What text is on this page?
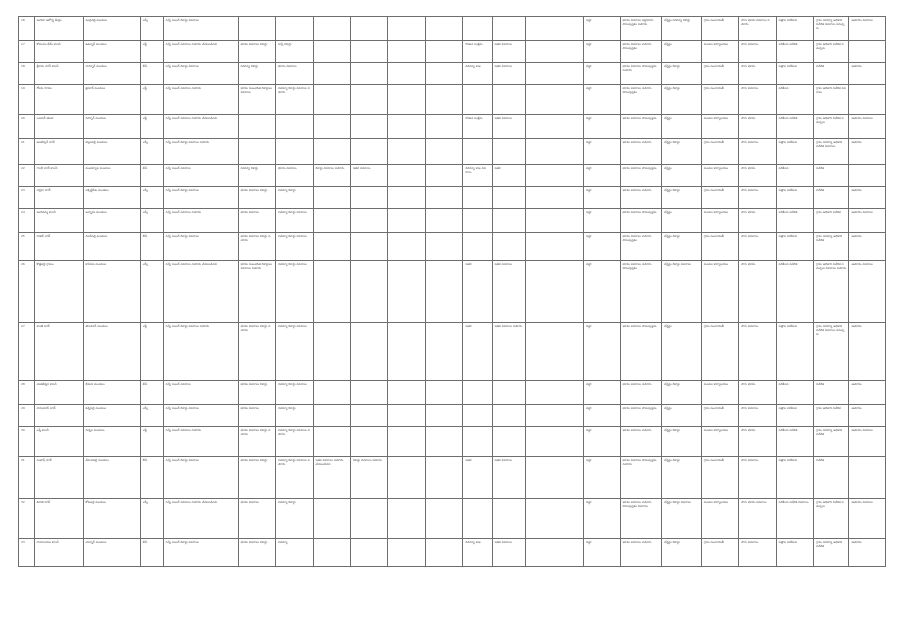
16	ఇందిరా ఆరోగ్య కేంద్రం	ఇంద్రవెల్లి మండలం	ఎస్సీ	సర్వే నంబర్ రికార్డు వివరాలు										పట్టా	భూమి వివరాలు పట్టాదారు పాసుపుస్తకం నమోదు	విస్తీర్ణం రెవెన్యూ రికార్డు	గ్రామ పంచాయతీ	సాగు భూమి వివరాలు నమోదు	పత్రాల పరిశీలన	గ్రామ రెవెన్యూ అధికారి నివేదిక వివరాలు సమర్పణ	ఆమోదం వివరాలు

17	కొమురం భీమ్ కాలనీ	ఉట్నూర్ మండలం	ఎస్టీ	సర్వే నంబర్ వివరాలు నమోదు చేయబడినవి	భూమి వివరాలు రికార్డు	సర్వే రికార్డు					గిరిజన సంక్షేమ	ఇతర వివరాలు		పట్టా	భూమి వివరాలు నమోదు పాసుపుస్తకం	విస్తీర్ణం	మండల కార్యాలయం	సాగు వివరాలు	పరిశీలన నివేదిక	గ్రామ అధికారి నివేదిక సమర్పణ	

18	శ్రీరామ నగర్ కాలనీ	నార్నూర్ మండలం	బీసీ	సర్వే నంబర్ రికార్డు వివరాలు	రెవెన్యూ రికార్డు	భూమి వివరాలు					రెవెన్యూ శాఖ	ఇతర వివరాలు		పట్టా	భూమి వివరాలు పాసుపుస్తకం నమోదు	విస్తీర్ణం రికార్డు	గ్రామ పంచాయతీ	సాగు భూమి	పత్రాల పరిశీలన	నివేదిక	ఆమోదం

19	గోండు గూడెం	జైనూర్ మండలం	ఎస్టీ	సర్వే నంబర్ వివరాలు నమోదు	భూమి సంబంధిత రికార్డులు వివరాలు	రెవెన్యూ రికార్డు వివరాలు నమోదు								పట్టా	భూమి వివరాలు నమోదు పాసుపుస్తకం	విస్తీర్ణం రికార్డు	గ్రామ పంచాయతీ	సాగు వివరాలు	పరిశీలన	గ్రామ అధికారి నివేదిక వివరాలు	

20	లంబాడీ తండా	సిర్పూర్ మండలం	ఎస్టీ	సర్వే నంబర్ వివరాలు నమోదు చేయబడినవి							గిరిజన సంక్షేమ	ఇతర వివరాలు		పట్టా	భూమి వివరాలు పాసుపుస్తకం	విస్తీర్ణం	మండల కార్యాలయం	సాగు భూమి	పరిశీలన నివేదిక	గ్రామ అధికారి నివేదిక సమర్పణ	ఆమోదం వివరాలు

21	అంబేద్కర్ నగర్	బెల్లంపల్లి మండలం	ఎస్సీ	సర్వే నంబర్ రికార్డు వివరాలు నమోదు										పట్టా	భూమి వివరాలు నమోదు	విస్తీర్ణం రికార్డు	గ్రామ పంచాయతీ	సాగు వివరాలు	పత్రాల పరిశీలన	గ్రామ రెవెన్యూ అధికారి నివేదిక వివరాలు	ఆమోదం

22	గాంధీ నగర్ కాలనీ	మంచిర్యాల మండలం	బీసీ	సర్వే నంబర్ వివరాలు	రెవెన్యూ రికార్డు	భూమి వివరాలు	రికార్డు వివరాలు నమోదు	ఇతర వివరాలు			రెవెన్యూ శాఖ వివరాలు	ఇతర		పట్టా	భూమి వివరాలు పాసుపుస్తకం	విస్తీర్ణం	మండల కార్యాలయం	సాగు భూమి	పరిశీలన	నివేదిక	

23	నెహ్రూ నగర్	లక్సెట్టిపేట మండలం	ఎస్సీ	సర్వే నంబర్ రికార్డు వివరాలు	భూమి వివరాలు రికార్డు	రెవెన్యూ రికార్డు								పట్టా	భూమి వివరాలు నమోదు	విస్తీర్ణం రికార్డు	గ్రామ పంచాయతీ	సాగు వివరాలు	పత్రాల పరిశీలన	నివేదిక	ఆమోదం

24	ఇందిరమ్మ కాలనీ	జన్నారం మండలం	ఎస్సీ	సర్వే నంబర్ వివరాలు నమోదు	భూమి వివరాలు	రెవెన్యూ రికార్డు వివరాలు								పట్టా	భూమి వివరాలు పాసుపుస్తకం	విస్తీర్ణం	మండల కార్యాలయం	సాగు భూమి	పరిశీలన నివేదిక	గ్రామ అధికారి నివేదిక	ఆమోదం వివరాలు

25	రాజీవ్ నగర్	దండేపల్లి మండలం	బీసీ	సర్వే నంబర్ రికార్డు వివరాలు	భూమి వివరాలు రికార్డు నమోదు	రెవెన్యూ రికార్డు వివరాలు								పట్టా	భూమి వివరాలు నమోదు పాసుపుస్తకం	విస్తీర్ణం రికార్డు	గ్రామ పంచాయతీ	సాగు వివరాలు	పత్రాల పరిశీలన	గ్రామ రెవెన్యూ అధికారి నివేదిక	ఆమోదం

26	కొత్తపల్లి గ్రామం	కాసిపేట మండలం	ఎస్సీ	సర్వే నంబర్ వివరాలు నమోదు చేయబడినవి	భూమి సంబంధిత రికార్డులు వివరాలు నమోదు	రెవెన్యూ రికార్డు వివరాలు					ఇతర	ఇతర వివరాలు		పట్టా	భూమి వివరాలు నమోదు పాసుపుస్తకం	విస్తీర్ణం రికార్డు వివరాలు	మండల కార్యాలయం	సాగు భూమి	పరిశీలన నివేదిక	గ్రామ అధికారి నివేదిక సమర్పణ వివరాలు నమోదు	ఆమోదం వివరాలు

27	శాంతి నగర్	తాండూర్ మండలం	ఎస్టీ	సర్వే నంబర్ రికార్డు వివరాలు నమోదు	భూమి వివరాలు రికార్డు నమోదు	రెవెన్యూ రికార్డు వివరాలు					ఇతర	ఇతర వివరాలు నమోదు		పట్టా	భూమి వివరాలు పాసుపుస్తకం	విస్తీర్ణం	గ్రామ పంచాయతీ	సాగు వివరాలు	పత్రాల పరిశీలన	గ్రామ రెవెన్యూ అధికారి నివేదిక వివరాలు సమర్పణ	ఆమోదం

28	వెంకటేశ్వర కాలనీ	భీమిని మండలం	బీసీ	సర్వే నంబర్ వివరాలు	భూమి వివరాలు రికార్డు	రెవెన్యూ రికార్డు వివరాలు								పట్టా	భూమి వివరాలు నమోదు	విస్తీర్ణం రికార్డు	మండల కార్యాలయం	సాగు భూమి	పరిశీలన	నివేదిక	ఆమోదం

29	హనుమాన్ నగర్	కన్నెపల్లి మండలం	ఎస్సీ	సర్వే నంబర్ రికార్డు వివరాలు	భూమి వివరాలు	రెవెన్యూ రికార్డు								పట్టా	భూమి వివరాలు పాసుపుస్తకం	విస్తీర్ణం	గ్రామ పంచాయతీ	సాగు వివరాలు	పత్రాల పరిశీలన	గ్రామ అధికారి నివేదిక	ఆమోదం

30	బస్తీ కాలనీ	నెన్నెల మండలం	ఎస్టీ	సర్వే నంబర్ వివరాలు నమోదు	భూమి వివరాలు రికార్డు నమోదు	రెవెన్యూ రికార్డు వివరాలు నమోదు								పట్టా	భూమి వివరాలు నమోదు	విస్తీర్ణం రికార్డు	మండల కార్యాలయం	సాగు భూమి	పరిశీలన నివేదిక	గ్రామ రెవెన్యూ అధికారి నివేదిక	ఆమోదం వివరాలు

31	సుభాష్ నగర్	వేమనపల్లి మండలం	బీసీ	సర్వే నంబర్ రికార్డు వివరాలు	భూమి వివరాలు రికార్డు	రెవెన్యూ రికార్డు వివరాలు నమోదు	ఇతర వివరాలు నమోదు చేయబడినవి	రికార్డు వివరాలు నమోదు			ఇతర	ఇతర వివరాలు		పట్టా	భూమి వివరాలు పాసుపుస్తకం నమోదు	విస్తీర్ణం రికార్డు	గ్రామ పంచాయతీ	సాగు వివరాలు	పత్రాల పరిశీలన	నివేదిక	

32	శివాజీ నగర్	కోటపల్లి మండలం	ఎస్సీ	సర్వే నంబర్ వివరాలు నమోదు చేయబడినవి	భూమి వివరాలు	రెవెన్యూ రికార్డు								పట్టా	భూమి వివరాలు నమోదు పాసుపుస్తకం వివరాలు	విస్తీర్ణం రికార్డు వివరాలు	మండల కార్యాలయం	సాగు భూమి వివరాలు	పరిశీలన నివేదిక వివరాలు	గ్రామ అధికారి నివేదిక సమర్పణ	ఆమోదం వివరాలు

33	రామాలయం కాలనీ	చెన్నూర్ మండలం	బీసీ	సర్వే నంబర్ రికార్డు వివరాలు	భూమి వివరాలు రికార్డు	రెవెన్యూ					రెవెన్యూ శాఖ	ఇతర వివరాలు		పట్టా	భూమి వివరాలు నమోదు	విస్తీర్ణం రికార్డు	గ్రామ పంచాయతీ	సాగు వివరాలు	పత్రాల పరిశీలన	గ్రామ రెవెన్యూ అధికారి నివేదిక	ఆమోదం
